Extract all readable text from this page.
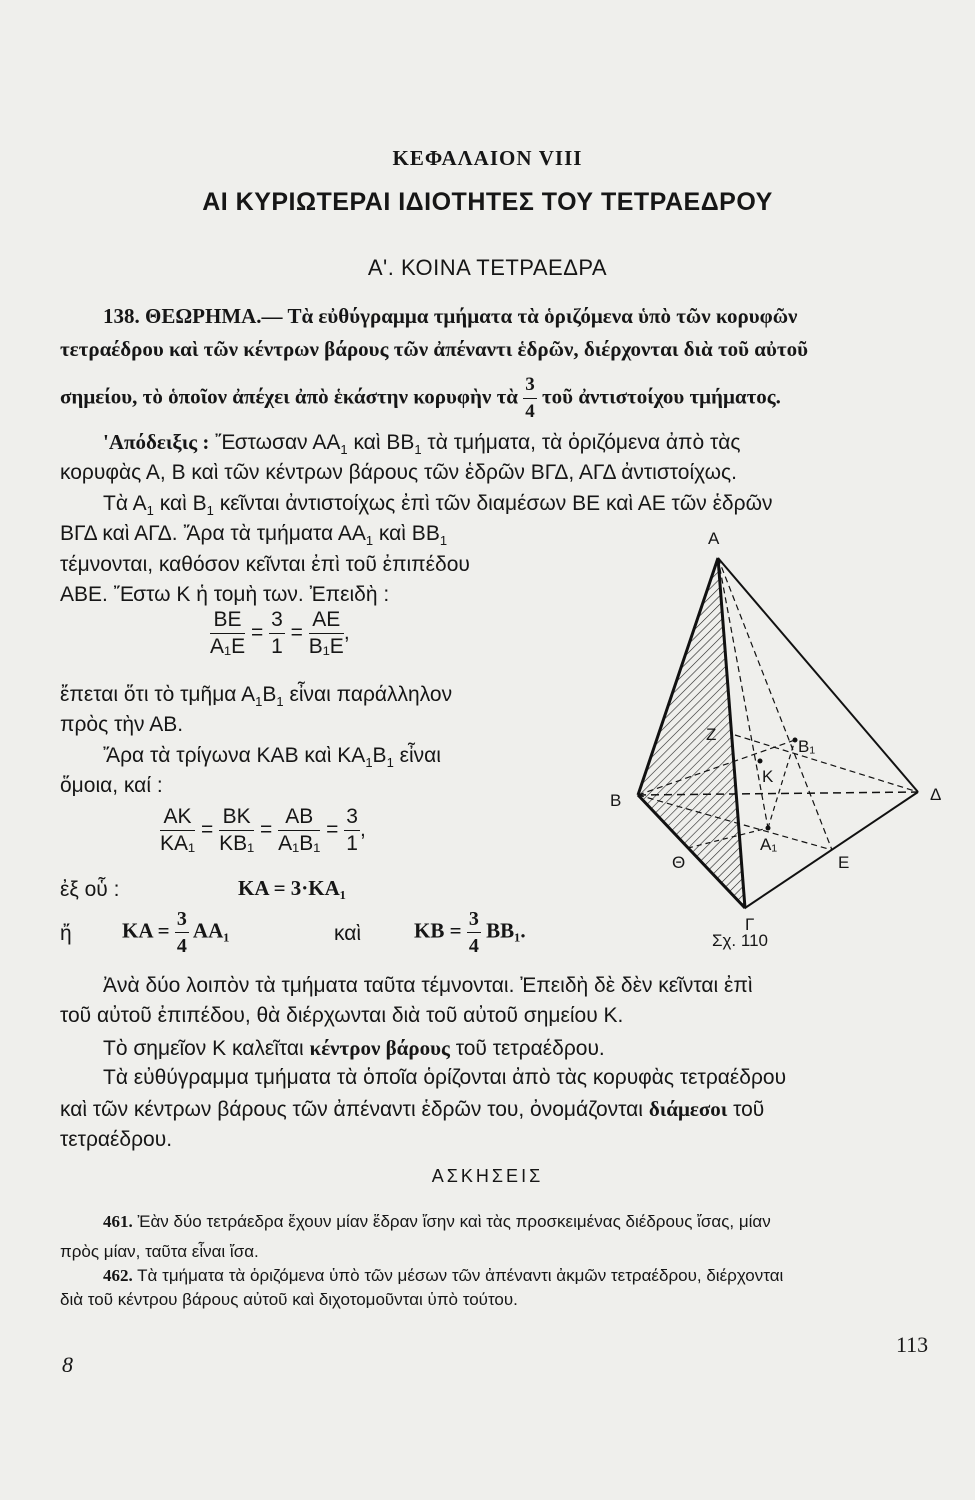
ΚΕΦΑΛΑΙΟΝ VIII
ΑΙ ΚΥΡΙΩΤΕΡΑΙ ΙΔΙΟΤΗΤΕΣ ΤΟΥ ΤΕΤΡΑΕΔΡΟΥ
Α'. ΚΟΙΝΑ ΤΕΤΡΑΕΔΡΑ
138. ΘΕΩΡΗΜΑ.— Τὰ εὐθύγραμμα τμήματα τὰ ὁριζόμενα ὑπὸ τῶν κορυφῶν
τετραέδρου καὶ τῶν κέντρων βάρους τῶν ἀπέναντι ἑδρῶν, διέρχονται διὰ τοῦ αὐτοῦ
σημείου, τὸ ὁποῖον ἀπέχει ἀπὸ ἑκάστην κορυφὴν τὰ $\frac{3}{4}$ τοῦ ἀντιστοίχου τμήματος.
'Απόδειξις : Ἔστωσαν $AA_1$ καὶ $BB_1$ τὰ τμήματα, τὰ ὁριζόμενα ἀπὸ τὰς
κορυφὰς Α, Β καὶ τῶν κέντρων βάρους τῶν ἑδρῶν ΒΓΔ, ΑΓΔ ἀντιστοίχως.
Τὰ $A_1$ καὶ $B_1$ κεῖνται ἀντιστοίχως ἐπὶ τῶν διαμέσων ΒΕ καὶ ΑΕ τῶν ἑδρῶν
ΒΓΔ καὶ ΑΓΔ. Ἄρα τὰ τμήματα $AA_1$ καὶ $BB_1$
τέμνονται, καθόσον κεῖνται ἐπὶ τοῦ ἐπιπέδου
ΑΒΕ. Ἔστω Κ ἡ τομὴ των. Ἐπειδὴ :
$\frac{BE}{\text{Α₁Ε}} = \frac{3}{1} = \frac{AE}{\text{Β₁Ε}}$ ,
ἔπεται ὅτι τὸ τμῆμα $A_1B_1$ εἶναι παράλληλον
πρὸς τὴν ΑΒ.
Ἄρα τὰ τρίγωνα ΚΑΒ καὶ $KA_1B_1$ εἶναι
ὅμοια, καί :
$\frac{AK}{\text{ΚΑ₁}} = \frac{BK}{\text{ΚΒ₁}} = \frac{AB}{\text{Α₁Β₁}} = \frac{3}{1}$ ,
ἐξ οὗ :	ΚΑ = 3·ΚΑ₁
ἤ $KA = \frac{3}{4} AA_1$	καὶ	$KB = \frac{3}{4} BB_1$.
Α
Β
Γ
Δ
Ε
Ζ
Κ
Θ
Α₁
Β₁
Σχ. 110
Ἀνὰ δύο λοιπὸν τὰ τμήματα ταῦτα τέμνονται. Ἐπειδὴ δὲ δὲν κεῖνται ἐπὶ
τοῦ αὐτοῦ ἐπιπέδου, θὰ διέρχωνται διὰ τοῦ αὐτοῦ σημείου Κ.
Τὸ σημεῖον Κ καλεῖται κέντρον βάρους τοῦ τετραέδρου.
Τὰ εὐθύγραμμα τμήματα τὰ ὁποῖα ὁρίζονται ἀπὸ τὰς κορυφὰς τετραέδρου
καὶ τῶν κέντρων βάρους τῶν ἀπέναντι ἑδρῶν του, ὀνομάζονται διάμεσοι τοῦ
τετραέδρου.
ΑΣΚΗΣΕΙΣ
461. Ἐὰν δύο τετράεδρα ἔχουν μίαν ἕδραν ἴσην καὶ τὰς προσκειμένας διέδρους ἴσας, μίαν
πρὸς μίαν, ταῦτα εἶναι ἴσα.
462. Τὰ τμήματα τὰ ὁριζόμενα ὑπὸ τῶν μέσων τῶν ἀπέναντι ἀκμῶν τετραέδρου, διέρχονται
διὰ τοῦ κέντρου βάρους αὐτοῦ καὶ διχοτομοῦνται ὑπὸ τούτου.
8
113
